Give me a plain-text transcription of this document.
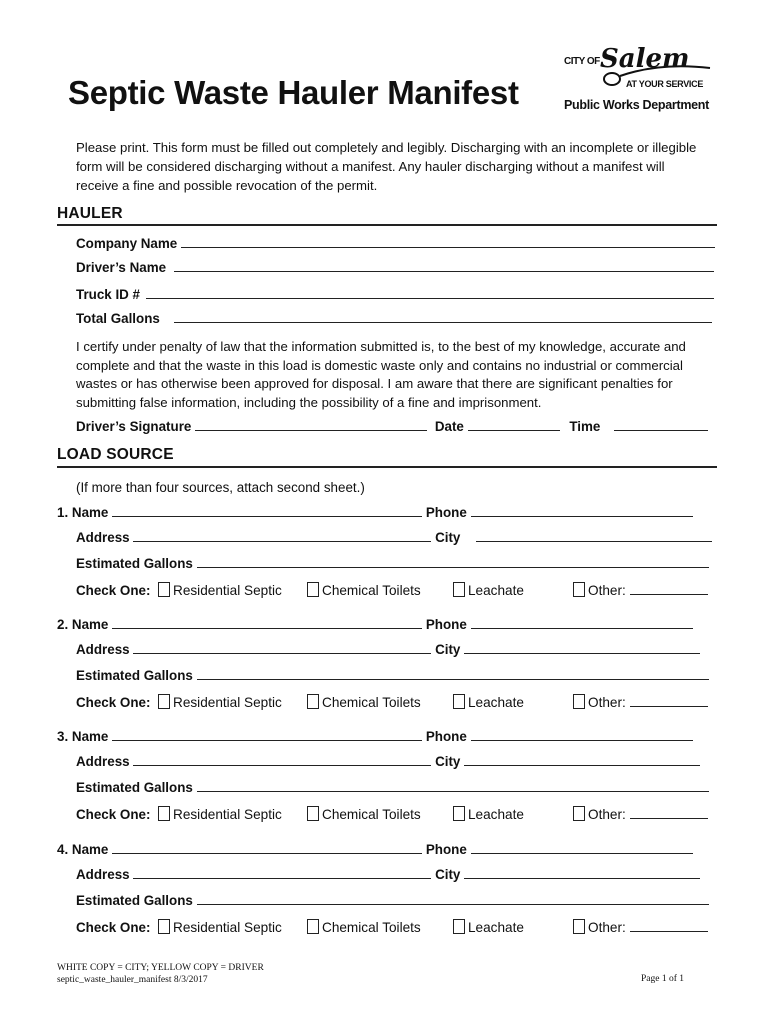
Septic Waste Hauler Manifest
CITY OF Salem
AT YOUR SERVICE
Public Works Department
Please print. This form must be filled out completely and legibly. Discharging with an incomplete or illegible form will be considered discharging without a manifest. Any hauler discharging without a manifest will receive a fine and possible revocation of the permit.
HAULER
Company Name
Driver’s Name
Truck ID #
Total Gallons
I certify under penalty of law that the information submitted is, to the best of my knowledge, accurate and complete and that the waste in this load is domestic waste only and contains no industrial or commercial wastes or has otherwise been approved for disposal. I am aware that there are significant penalties for submitting false information, including the possibility of a fine and imprisonment.
Driver’s Signature	Date	Time
LOAD SOURCE
(If more than four sources, attach second sheet.)
1. Name	Phone
Address	City
Estimated Gallons
Check One:	Residential Septic	Chemical Toilets	Leachate	Other:
2. Name	Phone
Address	City
Estimated Gallons
Check One:	Residential Septic	Chemical Toilets	Leachate	Other:
3. Name	Phone
Address	City
Estimated Gallons
Check One:	Residential Septic	Chemical Toilets	Leachate	Other:
4. Name	Phone
Address	City
Estimated Gallons
Check One:	Residential Septic	Chemical Toilets	Leachate	Other:
WHITE COPY = CITY; YELLOW COPY = DRIVER
septic_waste_hauler_manifest 8/3/2017	Page 1 of 1
